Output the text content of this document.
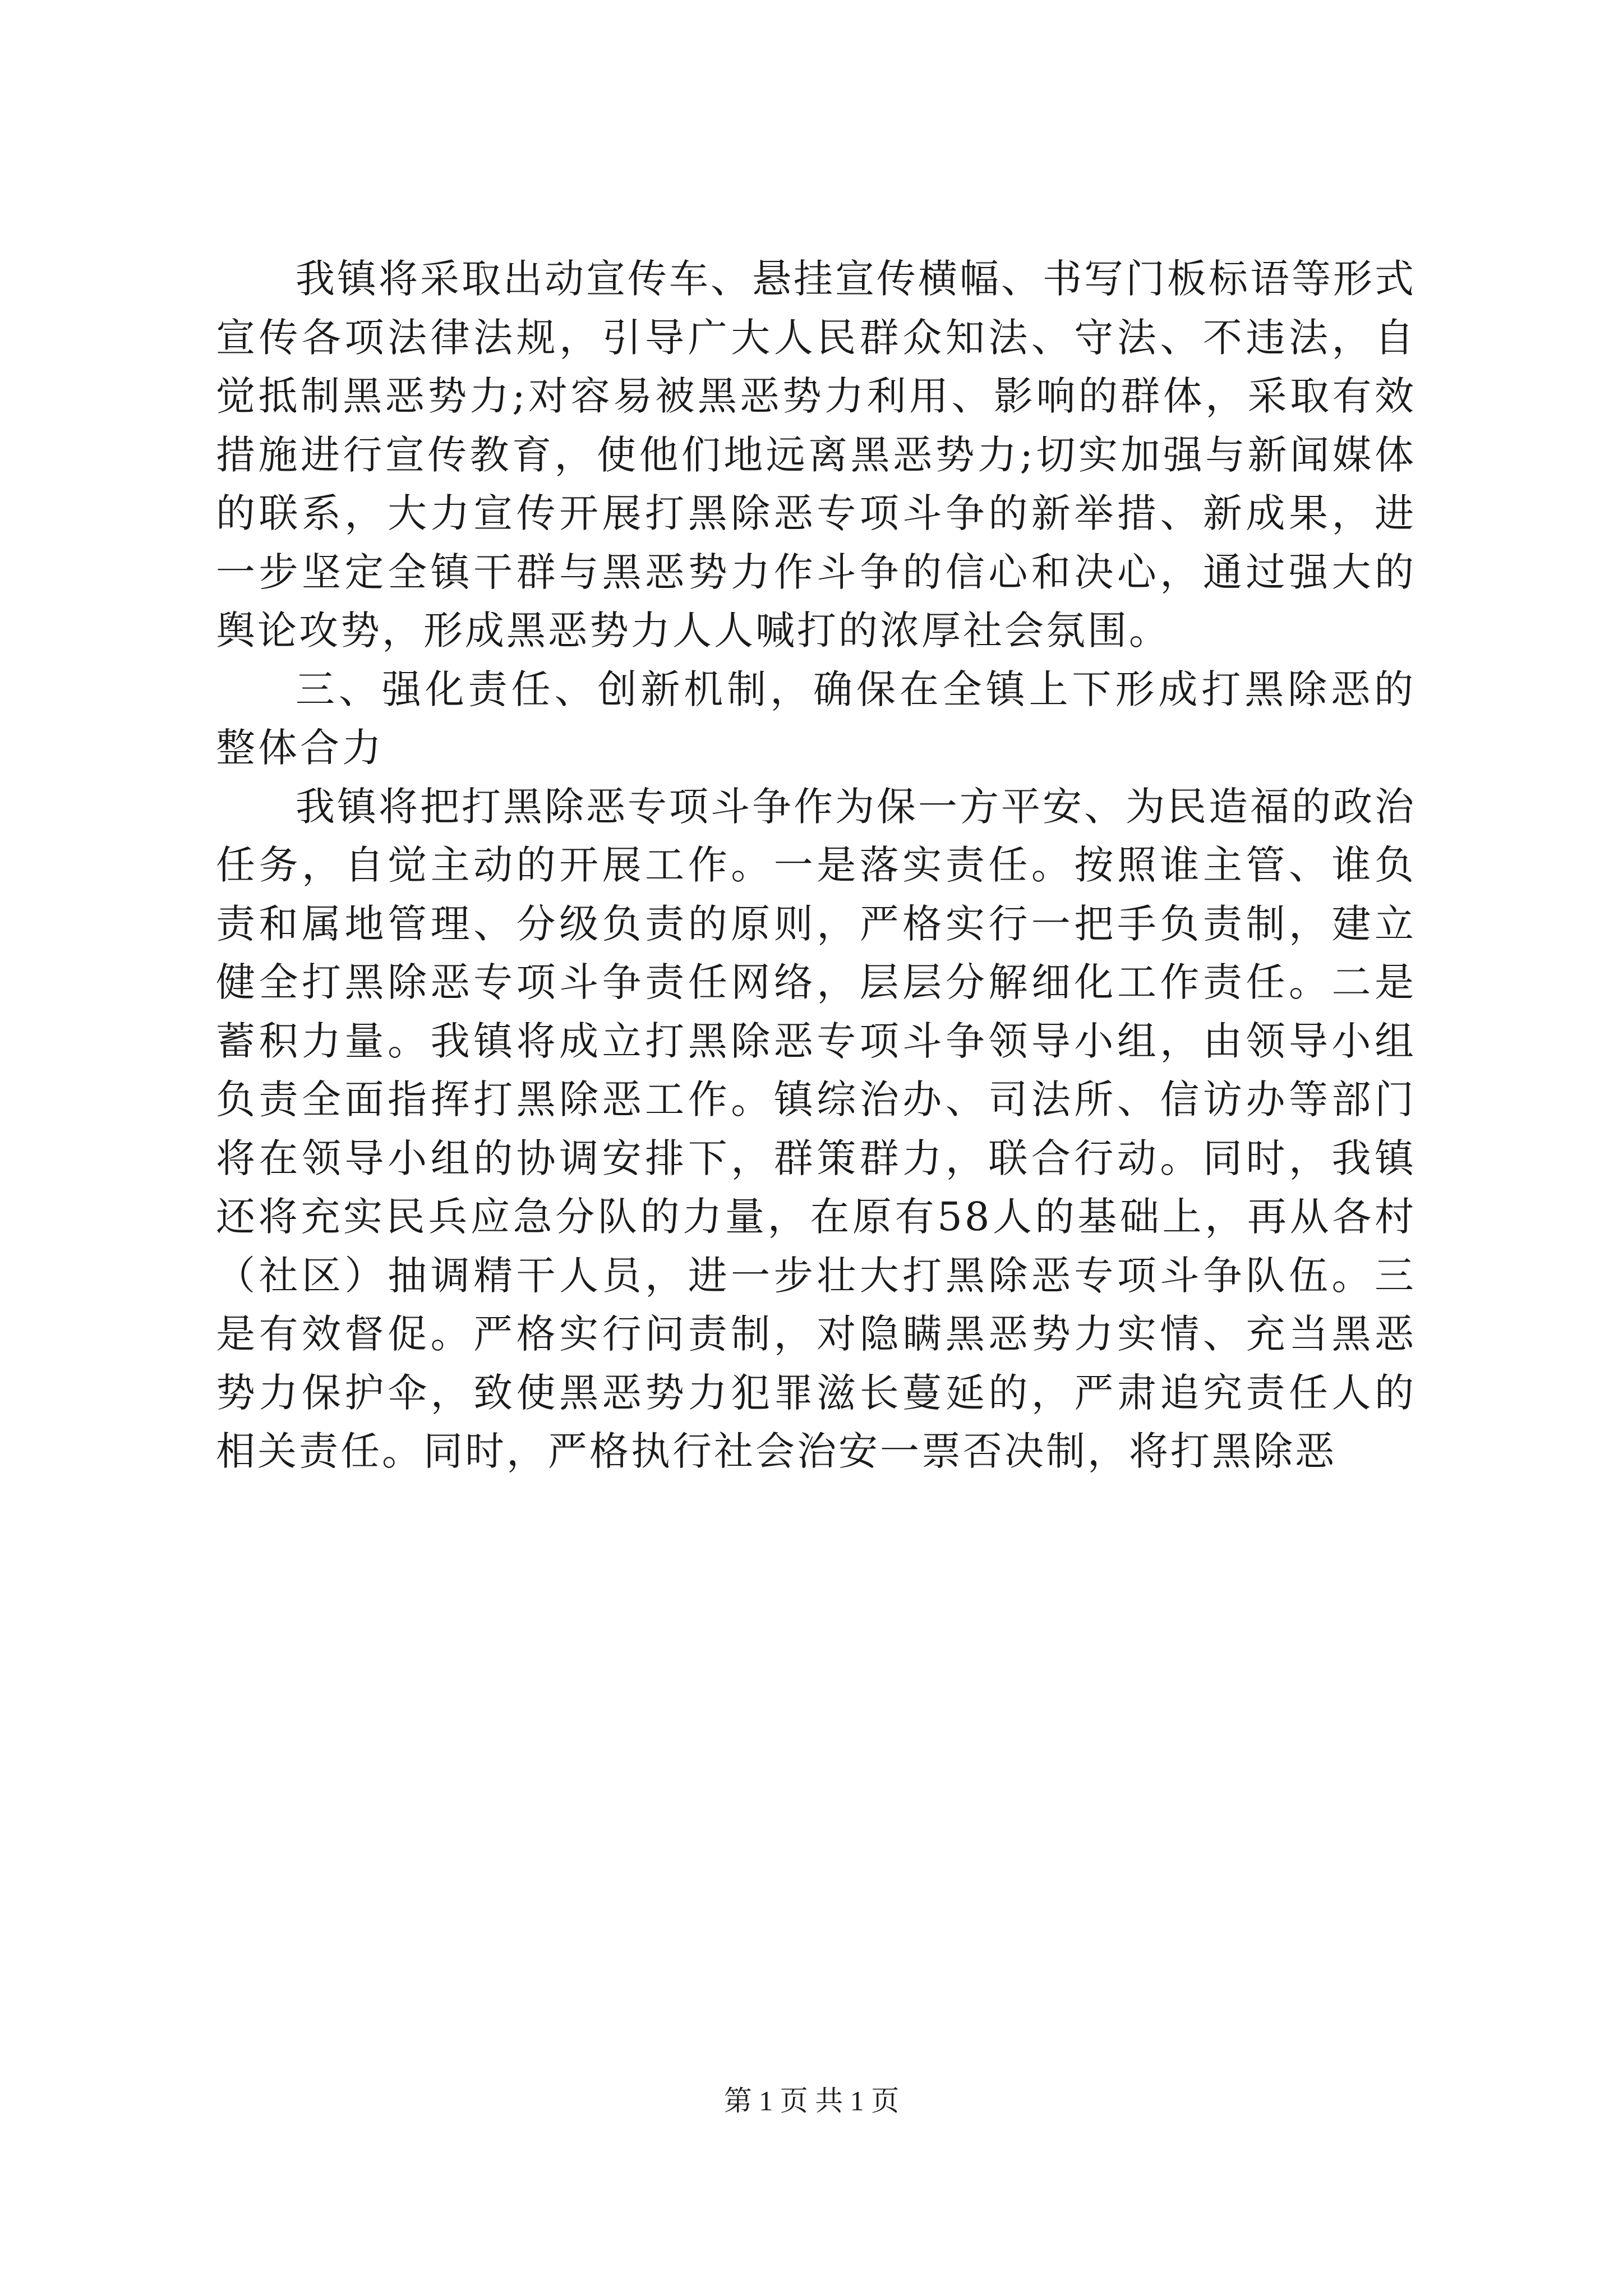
我镇将采取出动宣传车、悬挂宣传横幅、书写门板标语等形式宣传各项法律法规，引导广大人民群众知法、守法、不违法，自觉抵制黑恶势力;对容易被黑恶势力利用、影响的群体，采取有效措施进行宣传教育，使他们地远离黑恶势力;切实加强与新闻媒体的联系，大力宣传开展打黑除恶专项斗争的新举措、新成果，进一步坚定全镇干群与黑恶势力作斗争的信心和决心，通过强大的舆论攻势，形成黑恶势力人人喊打的浓厚社会氛围。

三、强化责任、创新机制，确保在全镇上下形成打黑除恶的整体合力

我镇将把打黑除恶专项斗争作为保一方平安、为民造福的政治任务，自觉主动的开展工作。一是落实责任。按照谁主管、谁负责和属地管理、分级负责的原则，严格实行一把手负责制，建立健全打黑除恶专项斗争责任网络，层层分解细化工作责任。二是蓄积力量。我镇将成立打黑除恶专项斗争领导小组，由领导小组负责全面指挥打黑除恶工作。镇综治办、司法所、信访办等部门将在领导小组的协调安排下，群策群力，联合行动。同时，我镇还将充实民兵应急分队的力量，在原有58人的基础上，再从各村（社区）抽调精干人员，进一步壮大打黑除恶专项斗争队伍。三是有效督促。严格实行问责制，对隐瞒黑恶势力实情、充当黑恶势力保护伞，致使黑恶势力犯罪滋长蔓延的，严肃追究责任人的相关责任。同时，严格执行社会治安一票否决制，将打黑除恶

第 1 页 共 1 页
